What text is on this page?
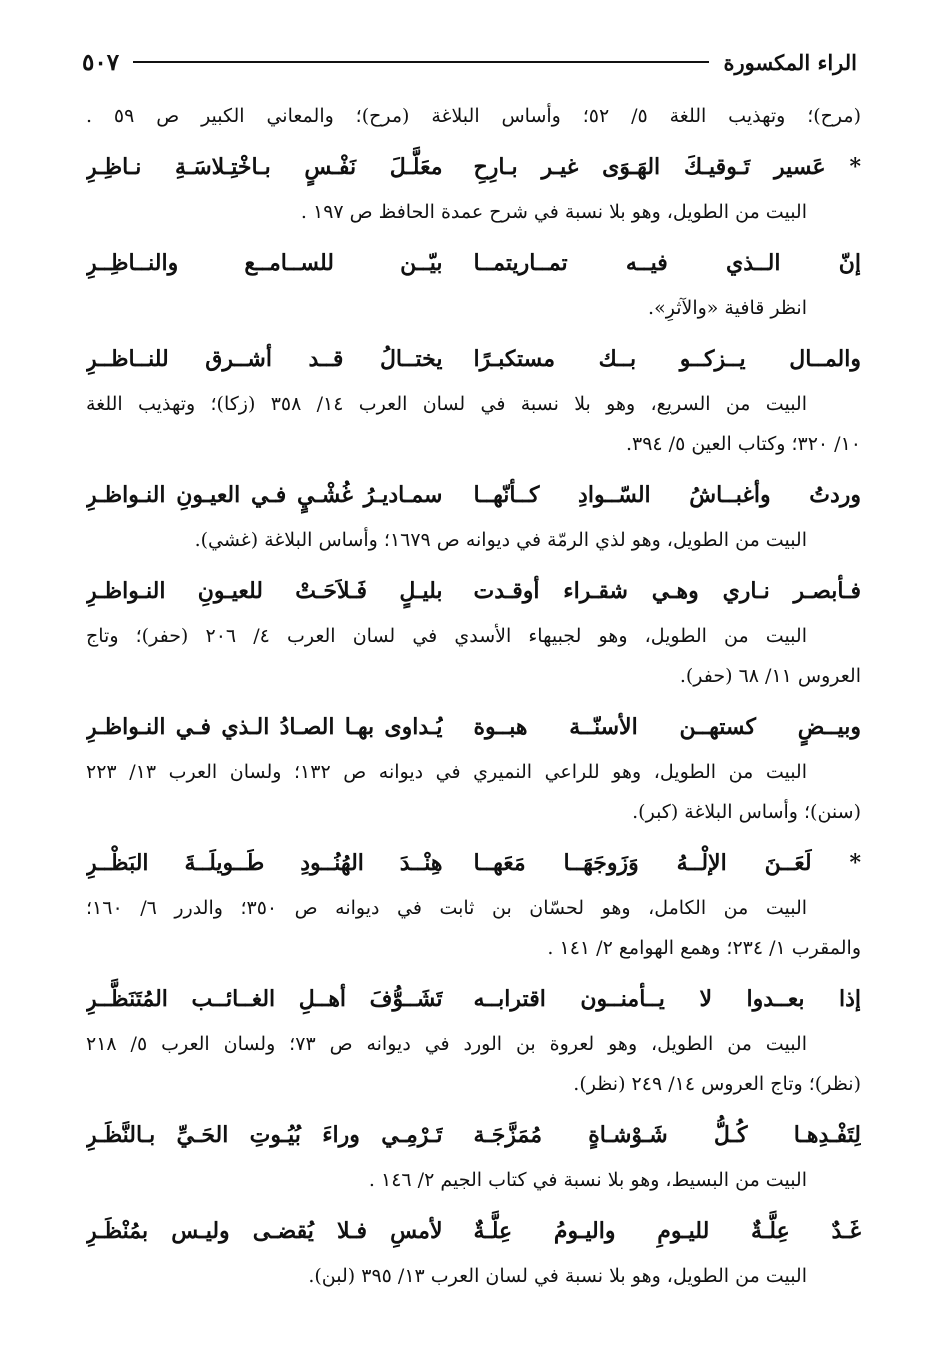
الراء المكسورة
٥٠٧
(مرح)؛ وتهذيب اللغة ٥/ ٥٢؛ وأساس البلاغة (مرح)؛ والمعاني الكبير ص ٥٩ .
* عَسير تَـوقيـكَ الهَـوَى غيـر بـارِحِ
معَلَّـلَ نَفْـسٍ بـاخْتِـلاسَـةِ نـاظِـرِ
البيت من الطويل، وهو بلا نسبة في شرح عمدة الحافظ ص ١٩٧ .
إنّ الــذي فيــه تمــاريتمــا
بيّــن للســامــع والنــاظِــرِ
انظر قافية «والآثرِ».
والمــال يــزكــو بــك مستكبـرًا
يختــالُ قــد أشــرق للنــاظــرِ
البيت من السريع، وهو بلا نسبة في لسان العرب ١٤/ ٣٥٨ (زكا)؛ وتهذيب اللغة
١٠/ ٣٢٠؛ وكتاب العين ٥/ ٣٩٤.
وردتُ وأغبــاشُ السّــوادِ كــأنّهــا
سمـاديـرُ غُشْـيٍ فـي العيـونِ النـواظـرِ
البيت من الطويل، وهو لذي الرمّة في ديوانه ص ١٦٧٩؛ وأساس البلاغة (غشي).
فـأبصـر نـاري وهـي شقـراء أوقـدت
بليـلٍ فَـلاَحَـتْ للعيـونِ النـواظـرِ
البيت من الطويل، وهو لجبيهاء الأسدي في لسان العرب ٤/ ٢٠٦ (حفر)؛ وتاج
العروس ١١/ ٦٨ (حفر).
وبيــضٍ كستهــن الأسنّــة هبــوة
يُـداوى بهـا الصـادُ الـذي فـي النـواظـرِ
البيت من الطويل، وهو للراعي النميري في ديوانه ص ١٣٢؛ ولسان العرب ١٣/ ٢٢٣
(سنن)؛ وأساس البلاغة (كبر).
* لَعَــنَ الإلْــهُ وَزَوجَهَــا مَعَهــا
هِنْــدَ الهُنُــودِ طَــويلَــةَ البَظْــرِ
البيت من الكامل، وهو لحسّان بن ثابت في ديوانه ص ٣٥٠؛ والدرر ٦/ ١٦٠؛
والمقرب ١/ ٢٣٤؛ وهمع الهوامع ٢/ ١٤١ .
إذا بعــدوا لا يــأمنــون اقترابــه
تَشَــوُّفَ أهــلِ الغــائــب المُتَنَظَّــرِ
البيت من الطويل، وهو لعروة بن الورد في ديوانه ص ٧٣؛ ولسان العرب ٥/ ٢١٨
(نظر)؛ وتاج العروس ١٤/ ٢٤٩ (نظر).
لِتَفْـدِهـا كُـلُّ شَـوْشـاةٍ مُمَزَّجَـة
تَـرْمِـي وراءَ بُيُـوتِ الحَـيِّ بـالنَّظَـرِ
البيت من البسيط، وهو بلا نسبة في كتاب الجيم ٢/ ١٤٦ .
غَـدٌ عِلَّـةٌ لليـومِ واليـومُ عِلَّـةٌ
لأمسِ فـلا يُقضـى وليـس بمُنْظَـرِ
البيت من الطويل، وهو بلا نسبة في لسان العرب ١٣/ ٣٩٥ (لبن).
